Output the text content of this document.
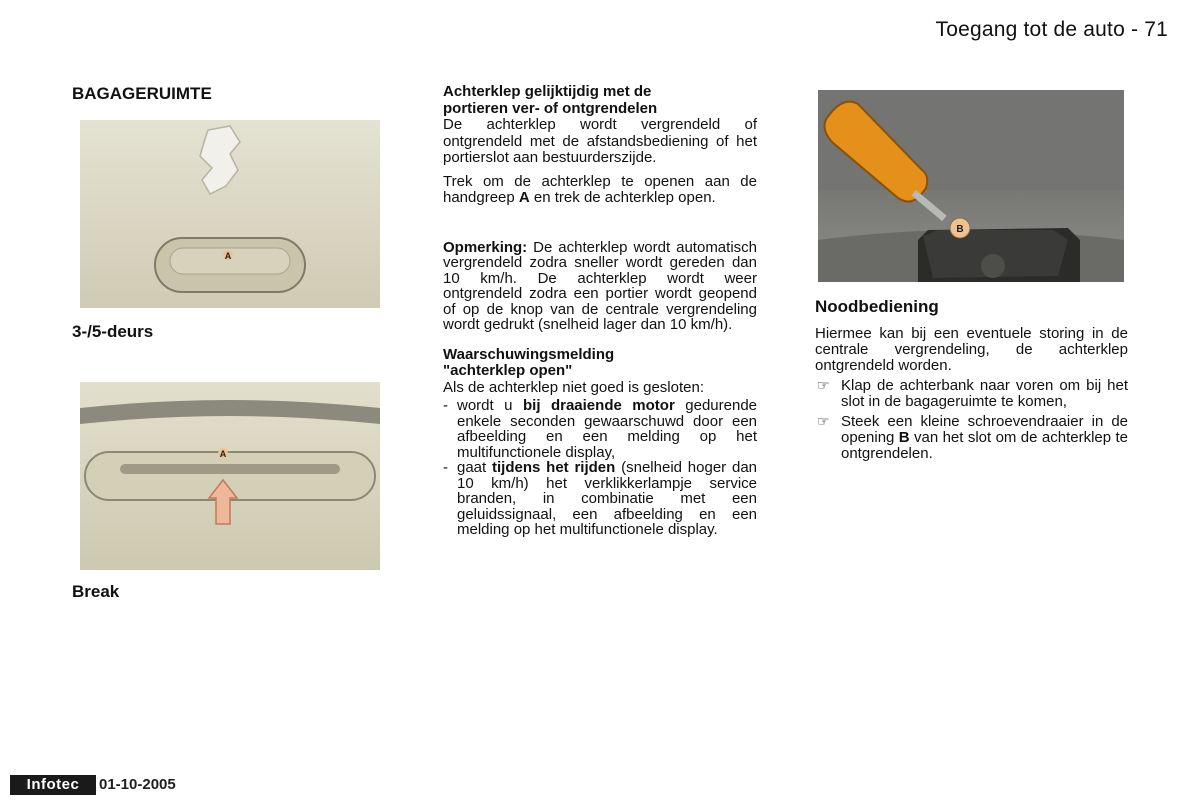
Toegang tot de auto - 71
BAGAGERUIMTE
A
3-/5-deurs
A
Break

Achterklep gelijktijdig met de
portieren ver- of ontgrendelen

De achterklep wordt vergrendeld of ontgrendeld met de afstandsbediening of het portierslot aan bestuurderszijde.

Trek om de achterklep te openen aan de handgreep A en trek de achterklep open.

Opmerking: De achterklep wordt automatisch vergrendeld zodra sneller wordt gereden dan 10 km/h. De achterklep wordt weer ontgrendeld zodra een portier wordt geopend of op de knop van de centrale vergrendeling wordt gedrukt (snelheid lager dan 10 km/h).

Waarschuwingsmelding
"achterklep open"

Als de achterklep niet goed is gesloten:

- wordt u bij draaiende motor gedurende enkele seconden gewaarschuwd door een afbeelding en een melding op het multifunctionele display,
- gaat tijdens het rijden (snelheid hoger dan 10 km/h) het verklikkerlampje service branden, in combinatie met een geluidssignaal, een afbeelding en een melding op het multifunctionele display.
B
Noodbediening

Hiermee kan bij een eventuele storing in de centrale vergrendeling, de achterklep ontgrendeld worden.

☞ Klap de achterbank naar voren om bij het slot in de bagageruimte te komen,
☞ Steek een kleine schroevendraaier in de opening B van het slot om de achterklep te ontgrendelen.
Infotec	01-10-2005
